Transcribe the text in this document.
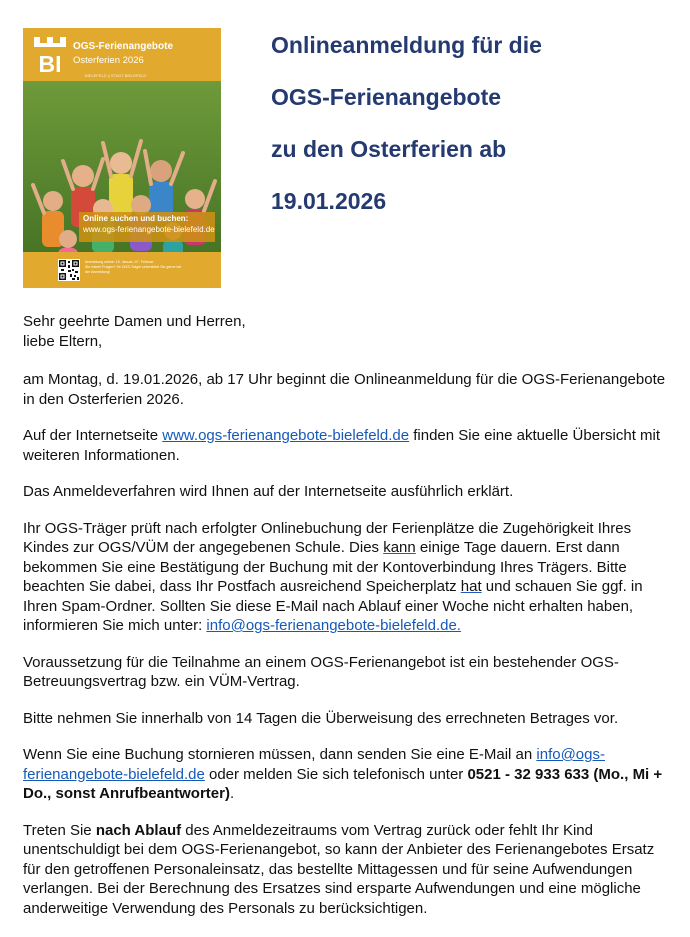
BI
OGS-Ferienangebote
Osterferien 2026
BIELEFELD || STADT BIELEFELD
Online suchen und buchen:
www.ogs-ferienangebote-bielefeld.de
Anmeldung online: 19. Januar–07. Februar
Sie haben Fragen? Ihr OGS-Träger unterstützt Sie gerne bei
der Anmeldung!
Onlineanmeldung für die
OGS-Ferienangebote
zu den Osterferien ab
19.01.2026

Sehr geehrte Damen und Herren,
liebe Eltern,

am Montag, d. 19.01.2026, ab 17 Uhr beginnt die Onlineanmeldung für die OGS-Ferienangebote in den Osterferien 2026.

Auf der Internetseite www.ogs-ferienangebote-bielefeld.de finden Sie eine aktuelle Übersicht mit weiteren Informationen.

Das Anmeldeverfahren wird Ihnen auf der Internetseite ausführlich erklärt.

Ihr OGS-Träger prüft nach erfolgter Onlinebuchung der Ferienplätze die Zugehörigkeit Ihres Kindes zur OGS/VÜM der angegebenen Schule. Dies kann einige Tage dauern. Erst dann bekommen Sie eine Bestätigung der Buchung mit der Kontoverbindung Ihres Trägers. Bitte beachten Sie dabei, dass Ihr Postfach ausreichend Speicherplatz hat und schauen Sie ggf. in Ihren Spam-Ordner. Sollten Sie diese E-Mail nach Ablauf einer Woche nicht erhalten haben, informieren Sie mich unter: info@ogs-ferienangebote-bielefeld.de.

Voraussetzung für die Teilnahme an einem OGS-Ferienangebot ist ein bestehender OGS-Betreuungsvertrag bzw. ein VÜM-Vertrag.

Bitte nehmen Sie innerhalb von 14 Tagen die Überweisung des errechneten Betrages vor.

Wenn Sie eine Buchung stornieren müssen, dann senden Sie eine E-Mail an info@ogs-ferienangebote-bielefeld.de oder melden Sie sich telefonisch unter 0521 - 32 933 633 (Mo., Mi + Do., sonst Anrufbeantworter).

Treten Sie nach Ablauf des Anmeldezeitraums vom Vertrag zurück oder fehlt Ihr Kind unentschuldigt bei dem OGS-Ferienangebot, so kann der Anbieter des Ferienangebotes Ersatz für den getroffenen Personaleinsatz, das bestellte Mittagessen und für seine Aufwendungen verlangen. Bei der Berechnung des Ersatzes sind ersparte Aufwendungen und eine mögliche anderweitige Verwendung des Personals zu berücksichtigen.
